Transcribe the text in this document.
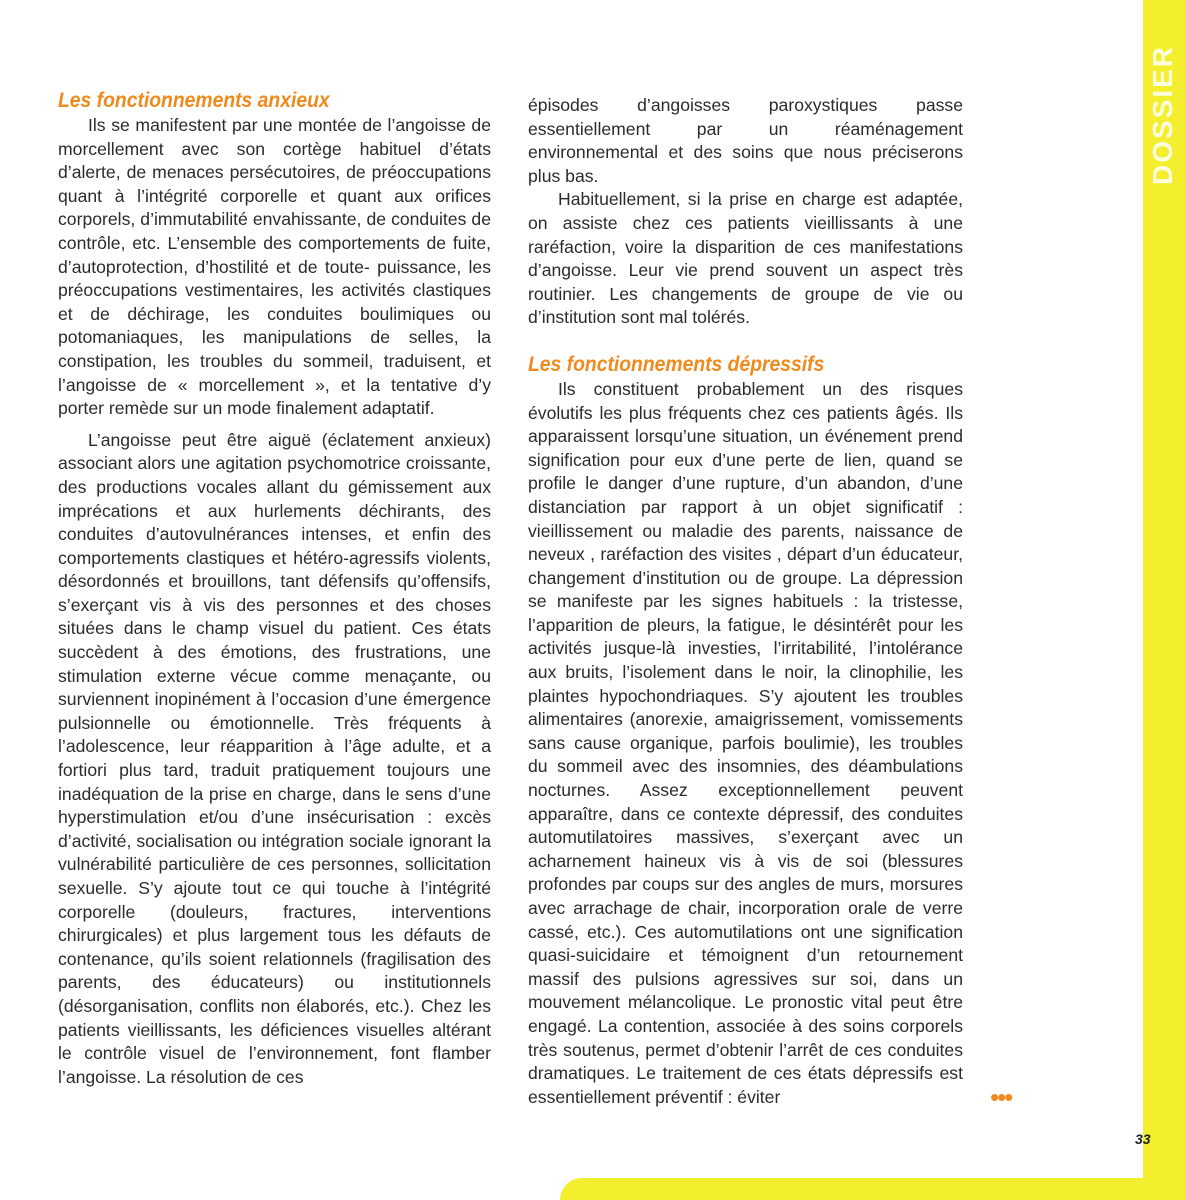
DOSSIER
Les fonctionnements anxieux

Ils se manifestent par une montée de l’angoisse de morcellement avec son cortège habituel d’états d’alerte, de menaces persécutoires, de préoccupations quant à l’intégrité corporelle et quant aux orifices corporels, d’immutabilité envahissante, de conduites de contrôle, etc. L’ensemble des comportements de fuite, d’autoprotection, d’hostilité et de toute- puissance, les préoccupations vestimentaires, les activités clastiques et de déchirage, les conduites boulimiques ou potomaniaques, les manipulations de selles, la constipation, les troubles du sommeil, traduisent, et l’angoisse de « morcellement », et la tentative d’y porter remède sur un mode finalement adaptatif.

L’angoisse peut être aiguë (éclatement anxieux) associant alors une agitation psychomotrice croissante, des productions vocales allant du gémissement aux imprécations et aux hurlements déchirants, des conduites d’autovulnérances intenses, et enfin des comportements clastiques et hétéro-agressifs violents, désordonnés et brouillons, tant défensifs qu’offensifs, s’exerçant vis à vis des personnes et des choses situées dans le champ visuel du patient. Ces états succèdent à des émotions, des frustrations, une stimulation externe vécue comme menaçante, ou surviennent inopinément à l’occasion d’une émergence pulsionnelle ou émotionnelle. Très fréquents à l’adolescence, leur réapparition à l’âge adulte, et a fortiori plus tard, traduit pratiquement toujours une inadéquation de la prise en charge, dans le sens d’une hyperstimulation et/ou d’une insécurisation : excès d’activité, socialisation ou intégration sociale ignorant la vulnérabilité particulière de ces personnes, sollicitation sexuelle. S’y ajoute tout ce qui touche à l’intégrité corporelle (douleurs, fractures, interventions chirurgicales) et plus largement tous les défauts de contenance, qu’ils soient relationnels (fragilisation des parents, des éducateurs) ou institutionnels (désorganisation, conflits non élaborés, etc.). Chez les patients vieillissants, les déficiences visuelles altérant le contrôle visuel de l’environnement, font flamber l’angoisse. La résolution de ces

épisodes d’angoisses paroxystiques passe essentiellement par un réaménagement environnemental et des soins que nous préciserons plus bas.

Habituellement, si la prise en charge est adaptée, on assiste chez ces patients vieillissants à une raréfaction, voire la disparition de ces manifestations d’angoisse. Leur vie prend souvent un aspect très routinier. Les changements de groupe de vie ou d’institution sont mal tolérés.

Les fonctionnements dépressifs

Ils constituent probablement un des risques évolutifs les plus fréquents chez ces patients âgés. Ils apparaissent lorsqu’une situation, un événement prend signification pour eux d’une perte de lien, quand se profile le danger d’une rupture, d’un abandon, d’une distanciation par rapport à un objet significatif : vieillissement ou maladie des parents, naissance de neveux , raréfaction des visites , départ d’un éducateur, changement d’institution ou de groupe. La dépression se manifeste par les signes habituels : la tristesse, l’apparition de pleurs, la fatigue, le désintérêt pour les activités jusque-là investies, l’irritabilité, l’intolérance aux bruits, l’isolement dans le noir, la clinophilie, les plaintes hypochondriaques. S’y ajoutent les troubles alimentaires (anorexie, amaigrissement, vomissements sans cause organique, parfois boulimie), les troubles du sommeil avec des insomnies, des déambulations nocturnes. Assez exceptionnellement peuvent apparaître, dans ce contexte dépressif, des conduites automutilatoires massives, s’exerçant avec un acharnement haineux vis à vis de soi (blessures profondes par coups sur des angles de murs, morsures avec arrachage de chair, incorporation orale de verre cassé, etc.). Ces automutilations ont une signification quasi-suicidaire et témoignent d’un retournement massif des pulsions agressives sur soi, dans un mouvement mélancolique. Le pronostic vital peut être engagé. La contention, associée à des soins corporels très soutenus, permet d’obtenir l’arrêt de ces conduites dramatiques. Le traitement de ces états dépressifs est essentiellement préventif : éviter	•••
33
